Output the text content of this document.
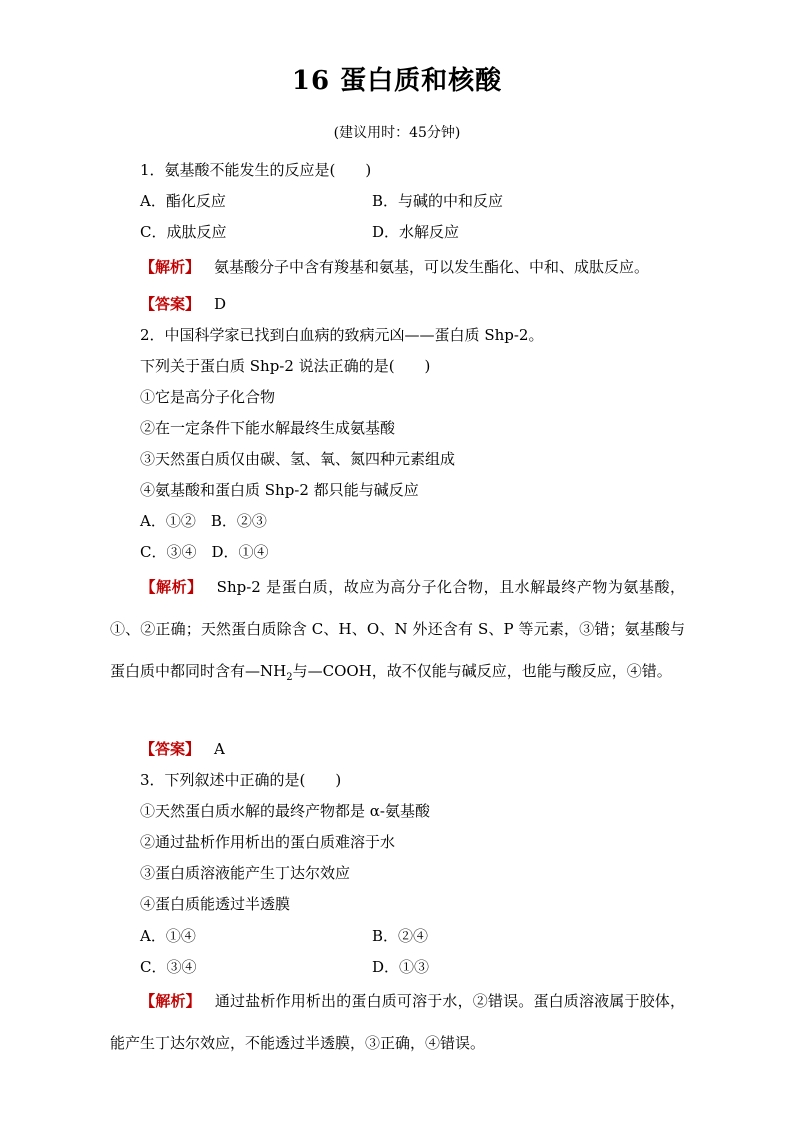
16 蛋白质和核酸
(建议用时：45分钟)
1．氨基酸不能发生的反应是(　　)
A．酯化反应	B．与碱的中和反应
C．成肽反应	D．水解反应
【解析】 氨基酸分子中含有羧基和氨基，可以发生酯化、中和、成肽反应。
【答案】 D
2．中国科学家已找到白血病的致病元凶——蛋白质 Shp-2。
下列关于蛋白质 Shp-2 说法正确的是(　　)
①它是高分子化合物
②在一定条件下能水解最终生成氨基酸
③天然蛋白质仅由碳、氢、氧、氮四种元素组成
④氨基酸和蛋白质 Shp-2 都只能与碱反应
A．①②　B．②③
C．③④　D．①④
【解析】 Shp-2 是蛋白质，故应为高分子化合物，且水解最终产物为氨基酸，①、②正确；天然蛋白质除含 C、H、O、N 外还含有 S、P 等元素，③错；氨基酸与蛋白质中都同时含有$—NH_2$与—COOH，故不仅能与碱反应，也能与酸反应，④错。
【答案】 A
3．下列叙述中正确的是(　　)
①天然蛋白质水解的最终产物都是 α-氨基酸
②通过盐析作用析出的蛋白质难溶于水
③蛋白质溶液能产生丁达尔效应
④蛋白质能透过半透膜
A．①④	B．②④
C．③④	D．①③
【解析】 通过盐析作用析出的蛋白质可溶于水，②错误。蛋白质溶液属于胶体，能产生丁达尔效应，不能透过半透膜，③正确，④错误。
